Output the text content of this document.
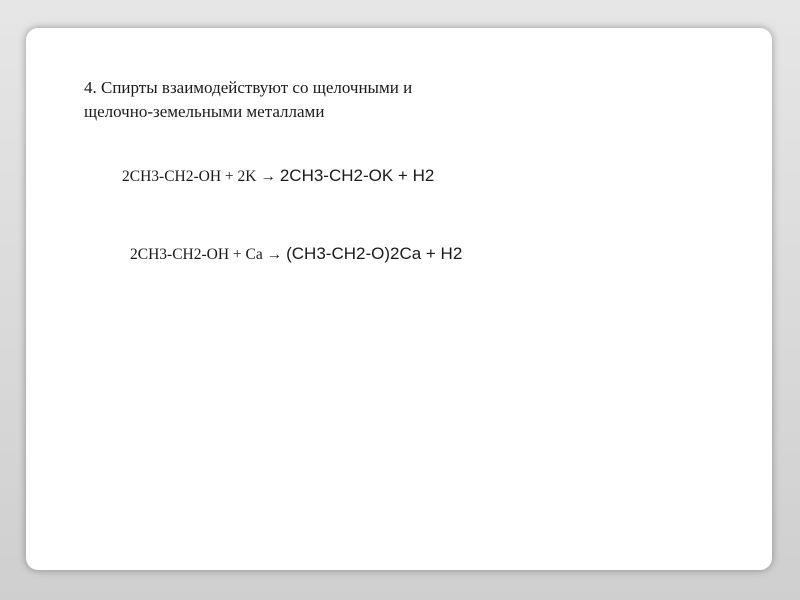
4. Спирты взаимодействуют со щелочными и
щелочно-земельными металлами
2CH3-CH2-OH + 2K → 2CH3-CH2-OK + H2
2CH3-CH2-OH + Ca → (CH3-CH2-O)2Ca + H2
